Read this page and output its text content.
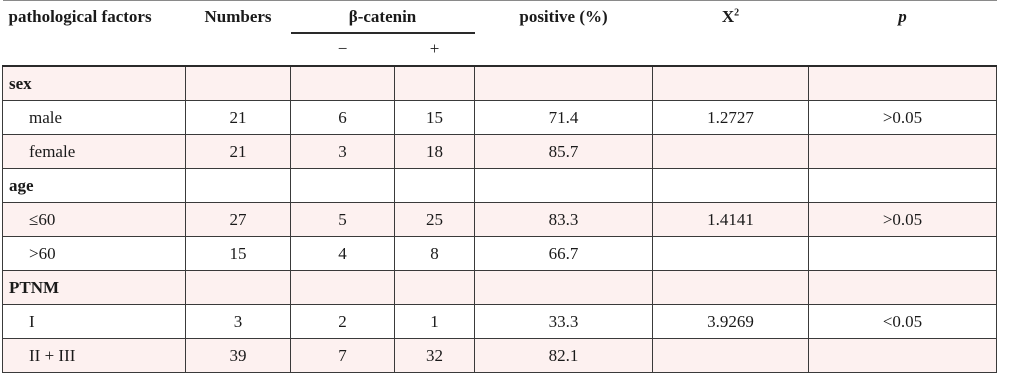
pathological factors	Numbers	β-catenin		positive (%)	$X^2$	p
		−	+			
sex						
male	21	6	15	71.4	1.2727	>0.05
female	21	3	18	85.7		
age						
≤60	27	5	25	83.3	1.4141	>0.05
>60	15	4	8	66.7		
PTNM						
I	3	2	1	33.3	3.9269	<0.05
II + III	39	7	32	82.1		
